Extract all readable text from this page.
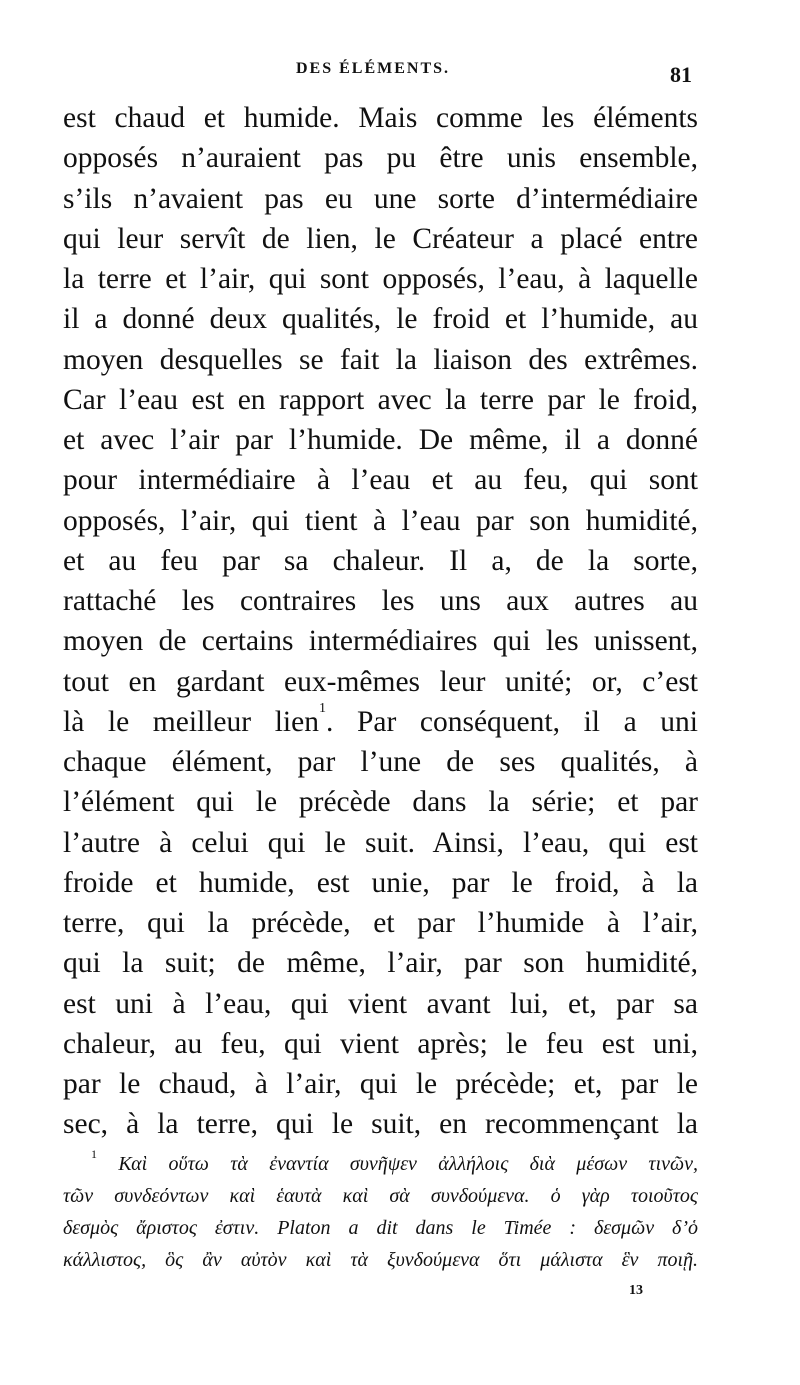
DES ÉLÉMENTS.	81
est chaud et humide. Mais comme les éléments
opposés n’auraient pas pu être unis ensemble,
s’ils n’avaient pas eu une sorte d’intermédiaire
qui leur servît de lien, le Créateur a placé entre
la terre et l’air, qui sont opposés, l’eau, à laquelle
il a donné deux qualités, le froid et l’humide, au
moyen desquelles se fait la liaison des extrêmes.
Car l’eau est en rapport avec la terre par le froid,
et avec l’air par l’humide. De même, il a donné
pour intermédiaire à l’eau et au feu, qui sont
opposés, l’air, qui tient à l’eau par son humidité,
et au feu par sa chaleur. Il a, de la sorte,
rattaché les contraires les uns aux autres au
moyen de certains intermédiaires qui les unissent,
tout en gardant eux-mêmes leur unité; or, c’est
là le meilleur lien$^1$. Par conséquent, il a uni
chaque élément, par l’une de ses qualités, à
l’élément qui le précède dans la série; et par
l’autre à celui qui le suit. Ainsi, l’eau, qui est
froide et humide, est unie, par le froid, à la
terre, qui la précède, et par l’humide à l’air,
qui la suit; de même, l’air, par son humidité,
est uni à l’eau, qui vient avant lui, et, par sa
chaleur, au feu, qui vient après; le feu est uni,
par le chaud, à l’air, qui le précède; et, par le
sec, à la terre, qui le suit, en recommençant la
$^1$ Καὶ οὕτω τὰ ἐναντία συνῆψεν ἀλλήλοις διὰ μέσων τινῶν,
τῶν συνδεόντων καὶ ἑαυτὰ καὶ σὰ συνδούμενα. ὁ γὰρ τοιοῦτος
δεσμὸς ἄριστος ἐστιν. Platon a dit dans le Timée : δεσμῶν δ’ὁ
κάλλιστος, ὃς ἂν αὐτὸν καὶ τὰ ξυνδούμενα ὅτι μάλιστα ἓν ποιῇ.
13
